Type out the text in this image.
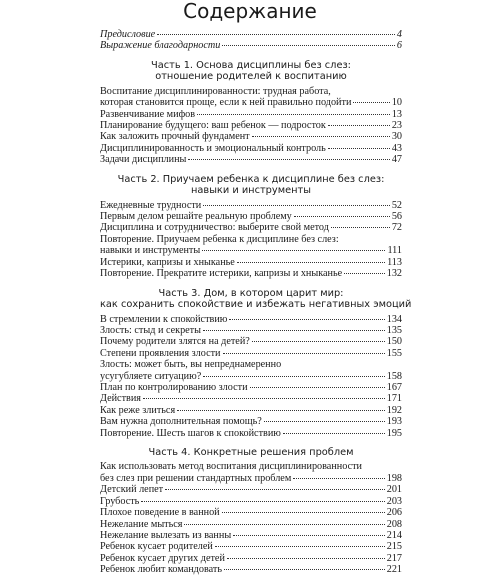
Содержание
Предисловие	4
Выражение благодарности	6
Часть 1. Основа дисциплины без слез:
отношение родителей к воспитанию
Воспитание дисциплинированности: трудная работа,
которая становится проще, если к ней правильно подойти	10
Развенчивание мифов	13
Планирование будущего: ваш ребенок — подросток	23
Как заложить прочный фундамент	30
Дисциплинированность и эмоциональный контроль	43
Задачи дисциплины	47
Часть 2. Приучаем ребенка к дисциплине без слез:
навыки и инструменты
Ежедневные трудности	52
Первым делом решайте реальную проблему	56
Дисциплина и сотрудничество: выберите свой метод	72
Повторение. Приучаем ребенка к дисциплине без слез:
навыки и инструменты	111
Истерики, капризы и хныканье	113
Повторение. Прекратите истерики, капризы и хныканье	132
Часть 3. Дом, в котором царит мир:
как сохранить спокойствие и избежать негативных эмоций
В стремлении к спокойствию	134
Злость: стыд и секреты	135
Почему родители злятся на детей?	150
Степени проявления злости	155
Злость: может быть, вы непреднамеренно
усугубляете ситуацию?	158
План по контролированию злости	167
Действия	171
Как реже злиться	192
Вам нужна дополнительная помощь?	193
Повторение. Шесть шагов к спокойствию	195
Часть 4. Конкретные решения проблем
Как использовать метод воспитания дисциплинированности
без слез при решении стандартных проблем	198
Детский лепет	201
Грубость	203
Плохое поведение в ванной	206
Нежелание мыться	208
Нежелание вылезать из ванны	214
Ребенок кусает родителей	215
Ребенок кусает других детей	217
Ребенок любит командовать	221
